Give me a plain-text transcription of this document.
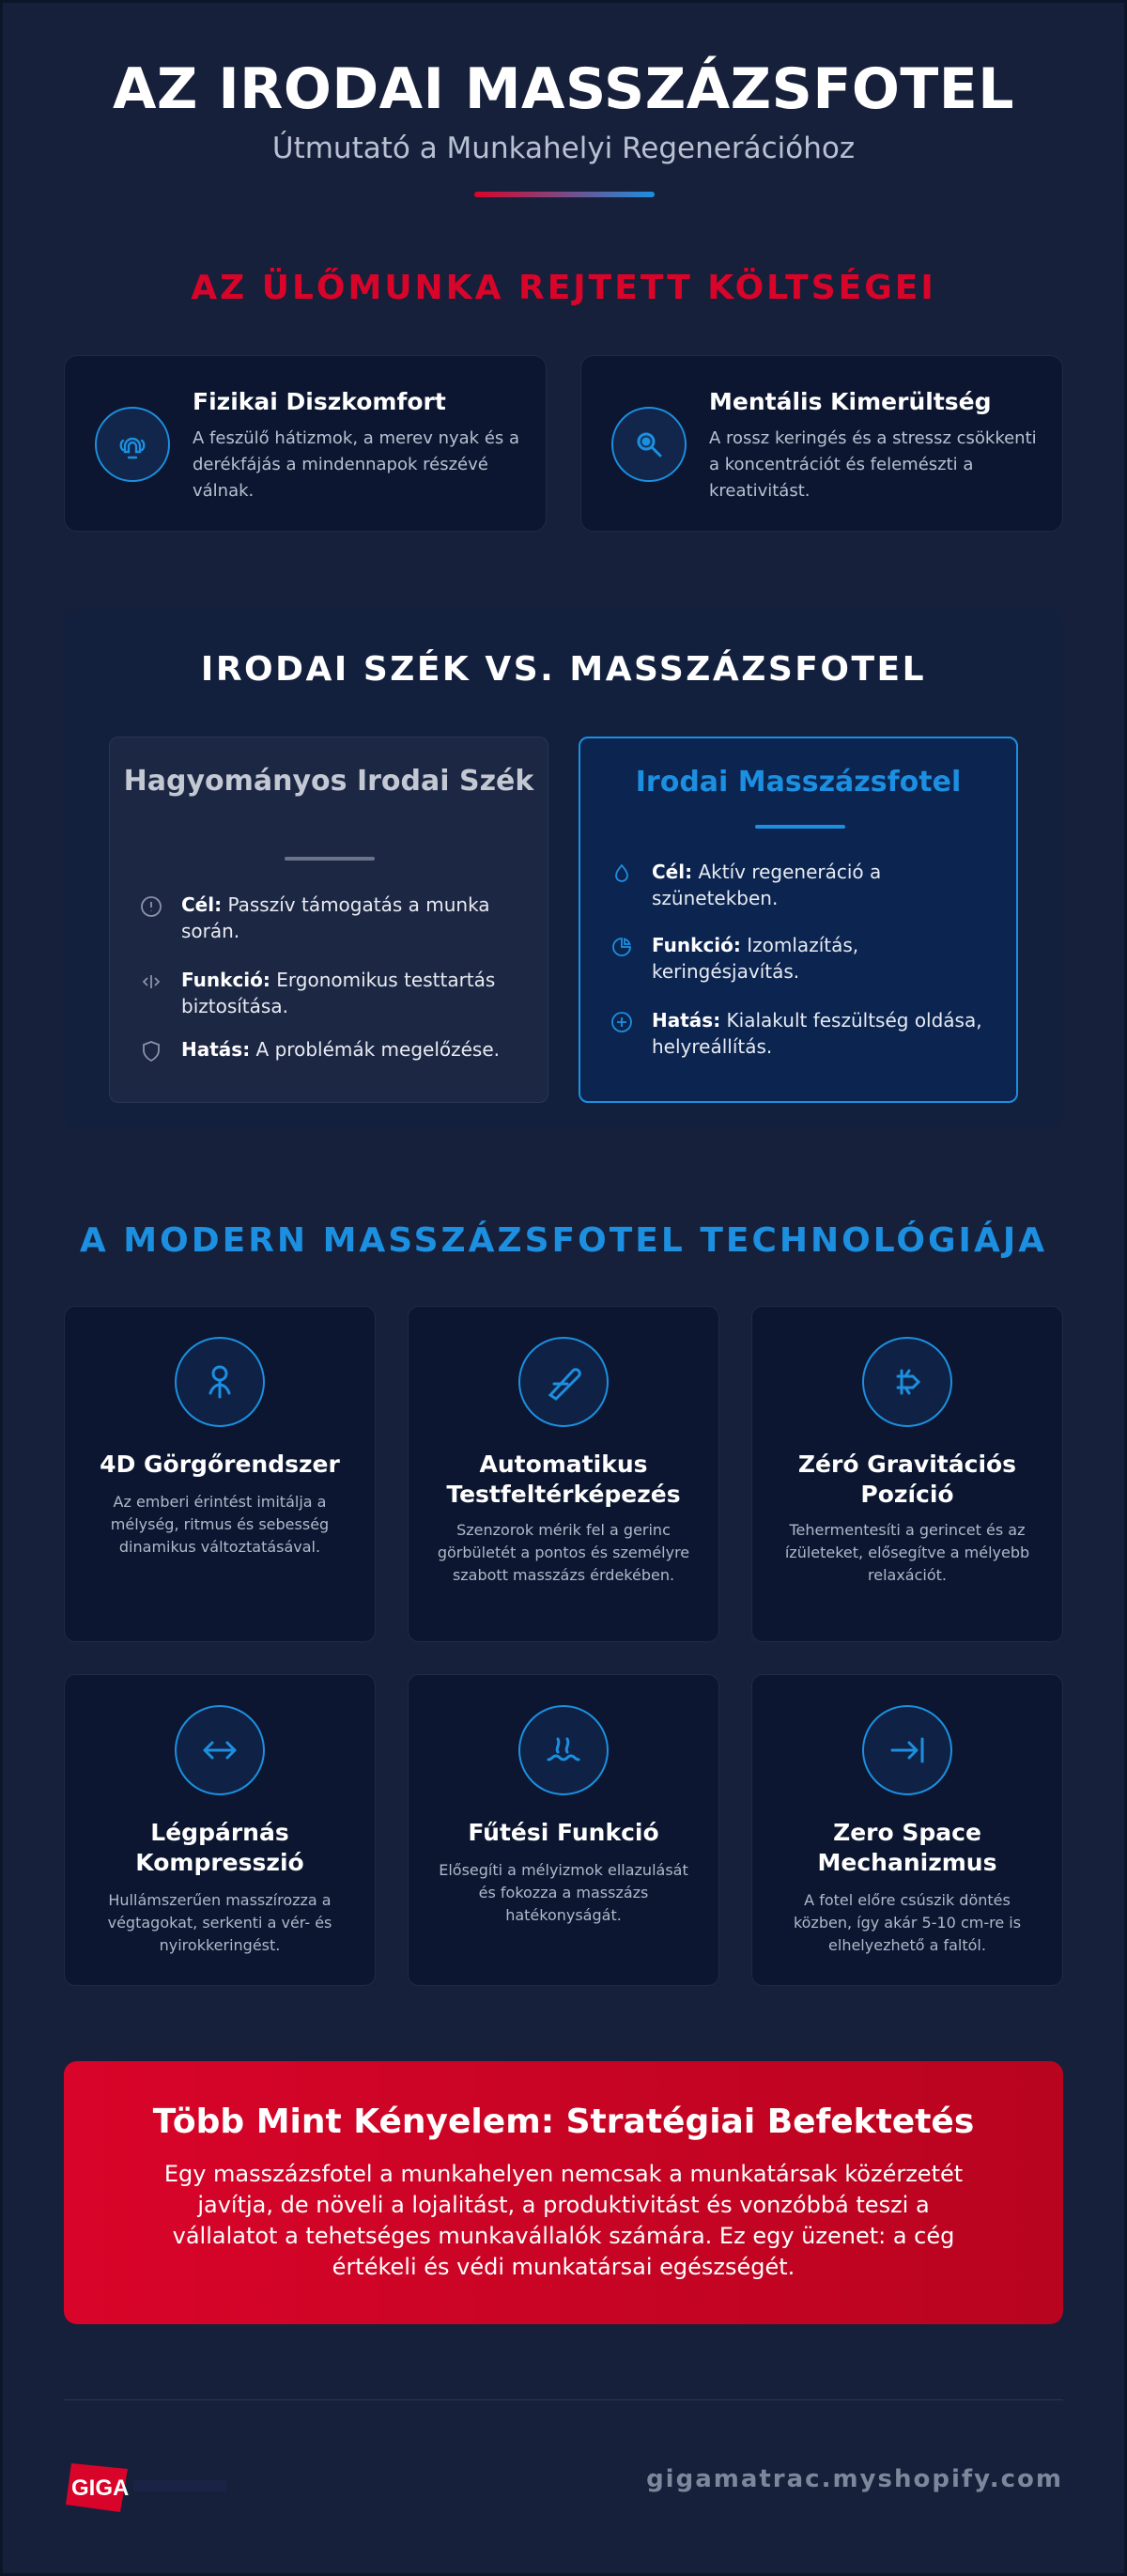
AZ IRODAI MASSZÁZSFOTEL
Útmutató a Munkahelyi Regenerációhoz
AZ ÜLŐMUNKA REJTETT KÖLTSÉGEI
Fizikai Diszkomfort
A feszülő hátizmok, a merev nyak és a derékfájás a mindennapok részévé válnak.
Mentális Kimerültség
A rossz keringés és a stressz csökkenti a koncentrációt és felemészti a kreativitást.
IRODAI SZÉK VS. MASSZÁZSFOTEL
Hagyományos Irodai Szék
Cél: Passzív támogatás a munka során.
Funkció: Ergonomikus testtartás biztosítása.
Hatás: A problémák megelőzése.
Irodai Masszázsfotel
Cél: Aktív regeneráció a szünetekben.
Funkció: Izomlazítás, keringésjavítás.
Hatás: Kialakult feszültség oldása, helyreállítás.
A MODERN MASSZÁZSFOTEL TECHNOLÓGIÁJA
4D Görgőrendszer
Az emberi érintést imitálja a mélység, ritmus és sebesség dinamikus változtatásával.
Automatikus Testfeltérképezés
Szenzorok mérik fel a gerinc görbületét a pontos és személyre szabott masszázs érdekében.
Zéró Gravitációs Pozíció
Tehermentesíti a gerincet és az ízületeket, elősegítve a mélyebb relaxációt.
Légpárnás Kompresszió
Hullámszerűen masszírozza a végtagokat, serkenti a vér- és nyirokkeringést.
Fűtési Funkció
Elősegíti a mélyizmok ellazulását és fokozza a masszázs hatékonyságát.
Zero Space Mechanizmus
A fotel előre csúszik döntés közben, így akár 5-10 cm-re is elhelyezhető a faltól.
Több Mint Kényelem: Stratégiai Befektetés
Egy masszázsfotel a munkahelyen nemcsak a munkatársak közérzetét javítja, de növeli a lojalitást, a produktivitást és vonzóbbá teszi a vállalatot a tehetséges munkavállalók számára. Ez egy üzenet: a cég értékeli és védi munkatársai egészségét.
GIGA	gigamatrac.myshopify.com
